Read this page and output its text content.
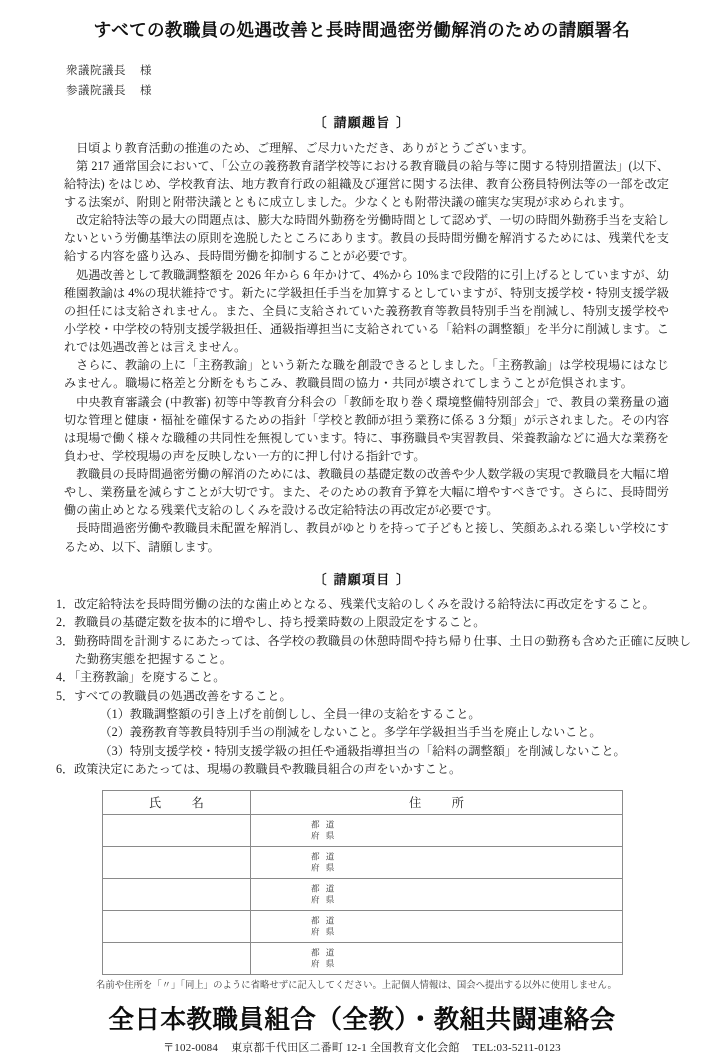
すべての教職員の処遇改善と長時間過密労働解消のための請願署名
衆議院議長 様
参議院議長 様
〔 請願趣旨 〕

日頃より教育活動の推進のため、ご理解、ご尽力いただき、ありがとうございます。

第 217 通常国会において、「公立の義務教育諸学校等における教育職員の給与等に関する特別措置法」(以下、給特法) をはじめ、学校教育法、地方教育行政の組織及び運営に関する法律、教育公務員特例法等の一部を改定する法案が、附則と附帯決議とともに成立しました。少なくとも附帯決議の確実な実現が求められます。

改定給特法等の最大の問題点は、膨大な時間外勤務を労働時間として認めず、一切の時間外勤務手当を支給しないという労働基準法の原則を逸脱したところにあります。教員の長時間労働を解消するためには、残業代を支給する内容を盛り込み、長時間労働を抑制することが必要です。

処遇改善として教職調整額を 2026 年から 6 年かけて、4%から 10%まで段階的に引上げるとしていますが、幼稚園教諭は 4%の現状維持です。新たに学級担任手当を加算するとしていますが、特別支援学校・特別支援学級の担任には支給されません。また、全員に支給されていた義務教育等教員特別手当を削減し、特別支援学校や小学校・中学校の特別支援学級担任、通級指導担当に支給されている「給料の調整額」を半分に削減します。これでは処遇改善とは言えません。

さらに、教諭の上に「主務教諭」という新たな職を創設できるとしました。「主務教諭」は学校現場にはなじみません。職場に格差と分断をもちこみ、教職員間の協力・共同が壊されてしまうことが危惧されます。

中央教育審議会 (中教審) 初等中等教育分科会の「教師を取り巻く環境整備特別部会」で、教員の業務量の適切な管理と健康・福祉を確保するための指針「学校と教師が担う業務に係る 3 分類」が示されました。その内容は現場で働く様々な職種の共同性を無視しています。特に、事務職員や実習教員、栄養教諭などに過大な業務を負わせ、学校現場の声を反映しない一方的に押し付ける指針です。

教職員の長時間過密労働の解消のためには、教職員の基礎定数の改善や少人数学級の実現で教職員を大幅に増やし、業務量を減らすことが大切です。また、そのための教育予算を大幅に増やすべきです。さらに、長時間労働の歯止めとなる残業代支給のしくみを設ける改定給特法の再改定が必要です。

長時間過密労働や教職員未配置を解消し、教員がゆとりを持って子どもと接し、笑顔あふれる楽しい学校にするため、以下、請願します。

〔 請願項目 〕

1．改定給特法を長時間労働の法的な歯止めとなる、残業代支給のしくみを設ける給特法に再改定をすること。

2．教職員の基礎定数を抜本的に増やし、持ち授業時数の上限設定をすること。

3．勤務時間を計測するにあたっては、各学校の教職員の休憩時間や持ち帰り仕事、土日の勤務も含めた正確に反映した勤務実態を把握すること。

4．「主務教諭」を廃すること。

5．すべての教職員の処遇改善をすること。

（1）教職調整額の引き上げを前倒しし、全員一律の支給をすること。

（2）義務教育等教員特別手当の削減をしないこと。多学年学級担当手当を廃止しないこと。

（3）特別支援学校・特別支援学級の担任や通級指導担当の「給料の調整額」を削減しないこと。

6．政策決定にあたっては、現場の教職員や教職員組合の声をいかすこと。

氏　名	住　所

	都 道
府 県

	都 道
府 県

	都 道
府 県

	都 道
府 県

	都 道
府 県
名前や住所を「〃」「同上」のように省略せずに記入してください。上記個人情報は、国会へ提出する以外に使用しません。
全日本教職員組合（全教）・教組共闘連絡会
〒102-0084 東京都千代田区二番町 12-1 全国教育文化会館 TEL:03-5211-0123
